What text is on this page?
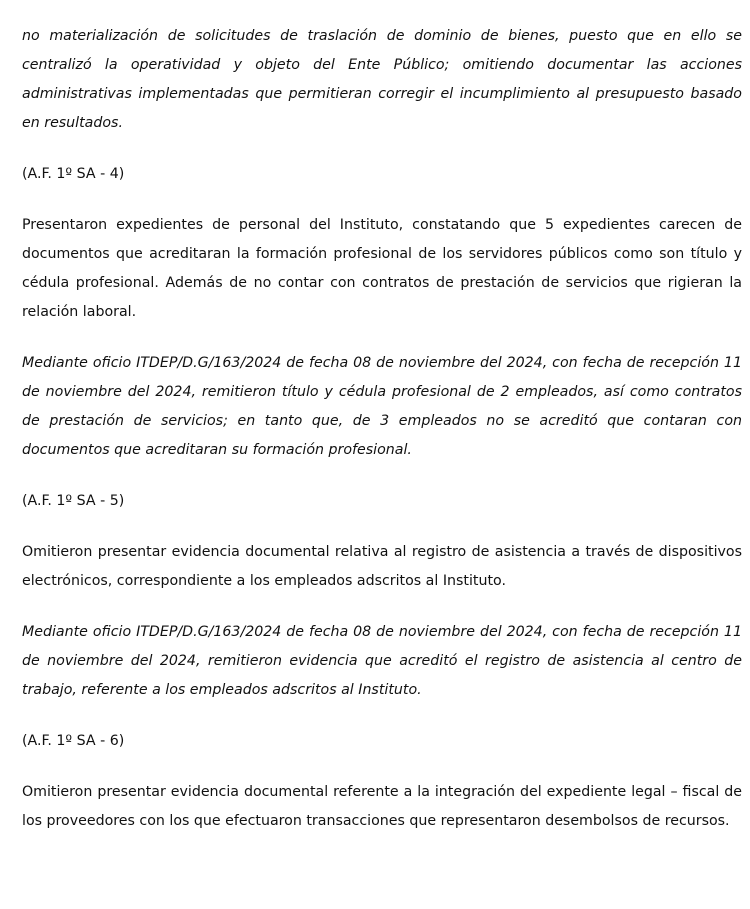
no materialización de solicitudes de traslación de dominio de bienes, puesto que en ello se centralizó la operatividad y objeto del Ente Público; omitiendo documentar las acciones administrativas implementadas que permitieran corregir el incumplimiento al presupuesto basado en resultados.

(A.F. 1º SA - 4)

Presentaron expedientes de personal del Instituto, constatando que 5 expedientes carecen de documentos que acreditaran la formación profesional de los servidores públicos como son título y cédula profesional. Además de no contar con contratos de prestación de servicios que rigieran la relación laboral.

Mediante oficio ITDEP/D.G/163/2024 de fecha 08 de noviembre del 2024, con fecha de recepción 11 de noviembre del 2024, remitieron título y cédula profesional de 2 empleados, así como contratos de prestación de servicios; en tanto que, de 3 empleados no se acreditó que contaran con documentos que acreditaran su formación profesional.

(A.F. 1º SA - 5)

Omitieron presentar evidencia documental relativa al registro de asistencia a través de dispositivos electrónicos, correspondiente a los empleados adscritos al Instituto.

Mediante oficio ITDEP/D.G/163/2024 de fecha 08 de noviembre del 2024, con fecha de recepción 11 de noviembre del 2024, remitieron evidencia que acreditó el registro de asistencia al centro de trabajo, referente a los empleados adscritos al Instituto.

(A.F. 1º SA - 6)

Omitieron presentar evidencia documental referente a la integración del expediente legal – fiscal de los proveedores con los que efectuaron transacciones que representaron desembolsos de recursos.
